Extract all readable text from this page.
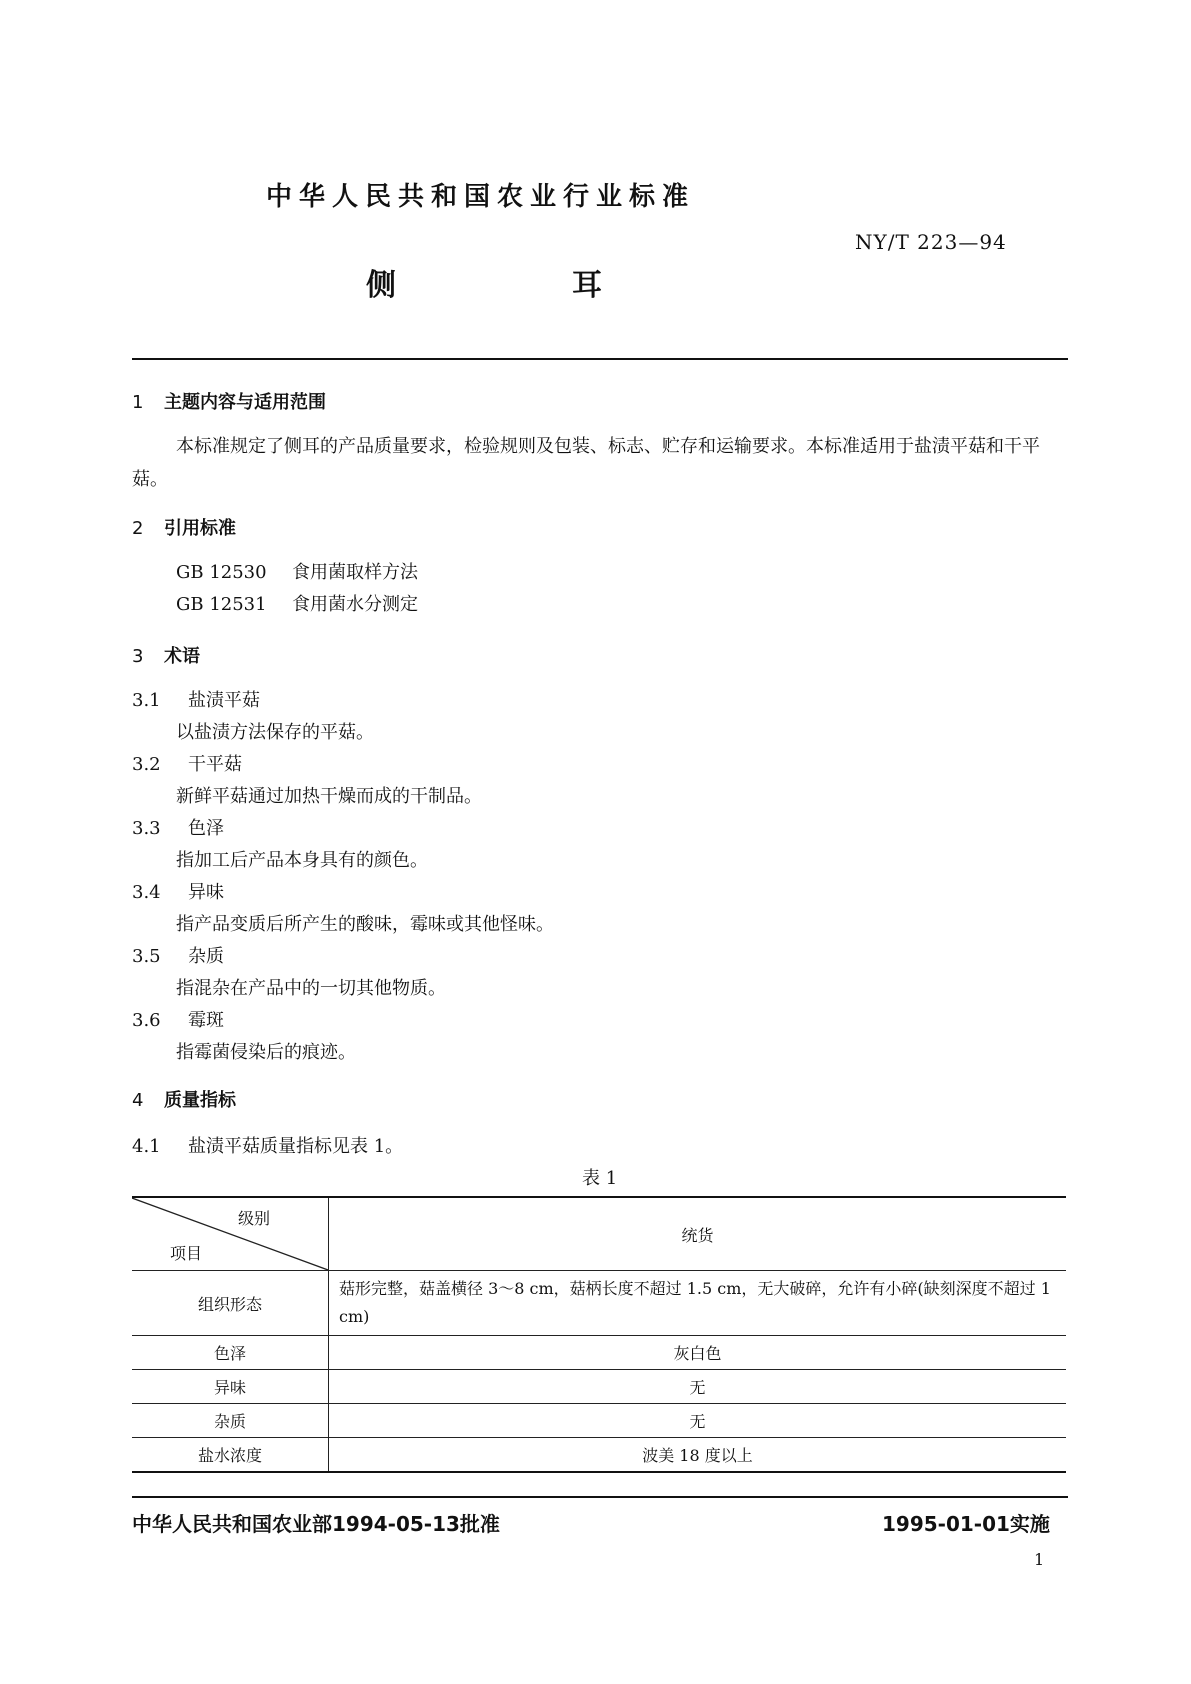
中华人民共和国农业行业标准
NY/T 223—94
侧	耳
1 主题内容与适用范围
本标准规定了侧耳的产品质量要求，检验规则及包装、标志、贮存和运输要求。本标准适用于盐渍平菇和干平菇。
2 引用标准
GB 12530 食用菌取样方法
GB 12531 食用菌水分测定
3 术语
3.1 盐渍平菇
以盐渍方法保存的平菇。
3.2 干平菇
新鲜平菇通过加热干燥而成的干制品。
3.3 色泽
指加工后产品本身具有的颜色。
3.4 异味
指产品变质后所产生的酸味，霉味或其他怪味。
3.5 杂质
指混杂在产品中的一切其他物质。
3.6 霉斑
指霉菌侵染后的痕迹。
4 质量指标
4.1 盐渍平菇质量指标见表 1。
表 1
级别
项目	统货
组织形态	菇形完整，菇盖横径 3～8 cm，菇柄长度不超过 1.5 cm，无大破碎，允许有小碎(缺刻深度不超过 1 cm)
色泽	灰白色
异味	无
杂质	无
盐水浓度	波美 18 度以上
中华人民共和国农业部1994-05-13批准	1995-01-01实施
1
